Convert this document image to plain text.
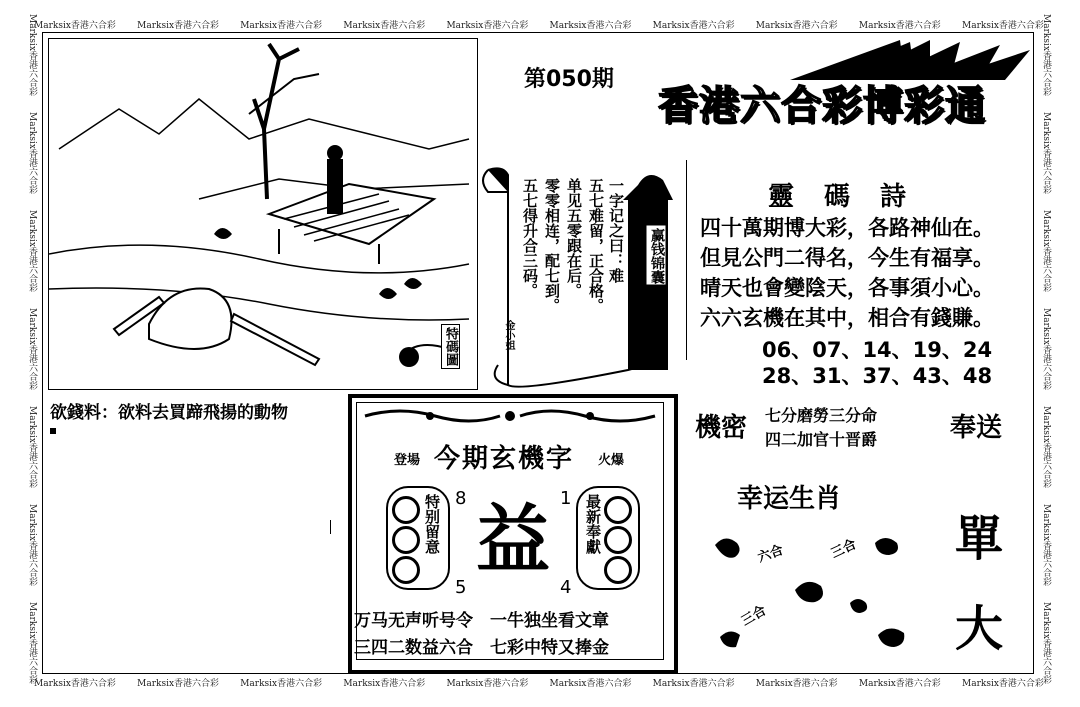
Marksix香港六合彩 Marksix香港六合彩 Marksix香港六合彩 Marksix香港六合彩 Marksix香港六合彩 Marksix香港六合彩 Marksix香港六合彩 Marksix香港六合彩 Marksix香港六合彩 Marksix香港六合彩
Marksix香港六合彩 Marksix香港六合彩 Marksix香港六合彩 Marksix香港六合彩 Marksix香港六合彩 Marksix香港六合彩 Marksix香港六合彩 Marksix香港六合彩 Marksix香港六合彩 Marksix香港六合彩
Marksix香港六合彩
Marksix香港六合彩
Marksix香港六合彩
Marksix香港六合彩
Marksix香港六合彩
Marksix香港六合彩
Marksix香港六合彩
Marksix香港六合彩
Marksix香港六合彩
Marksix香港六合彩
Marksix香港六合彩
Marksix香港六合彩
Marksix香港六合彩
Marksix香港六合彩
特碼圖
欲錢料：欲料去買蹄飛揚的動物
第050期
香港六合彩博彩通
一字记之曰：难
五七难留，正合格。
单见五零跟在后。
零零相连，配七到。
五七得升合三码。
金小姐
赢钱锦囊
靈碼詩
四十萬期博大彩，各路神仙在。
但見公門二得名，今生有福享。
晴天也會變陰天，各事須小心。
六六玄機在其中，相合有錢賺。
06、07、14、19、24
28、31、37、43、48
機密 七分磨勞三分命
四二加官十晋爵	奉送
登場 今期玄機字 火爆
特别留意	最新奉獻
8	1
5	4
益
万马无声听号令　一牛独坐看文章
三四二数益六合　七彩中特又捧金
幸运生肖
六合	三合
三合
單
大
